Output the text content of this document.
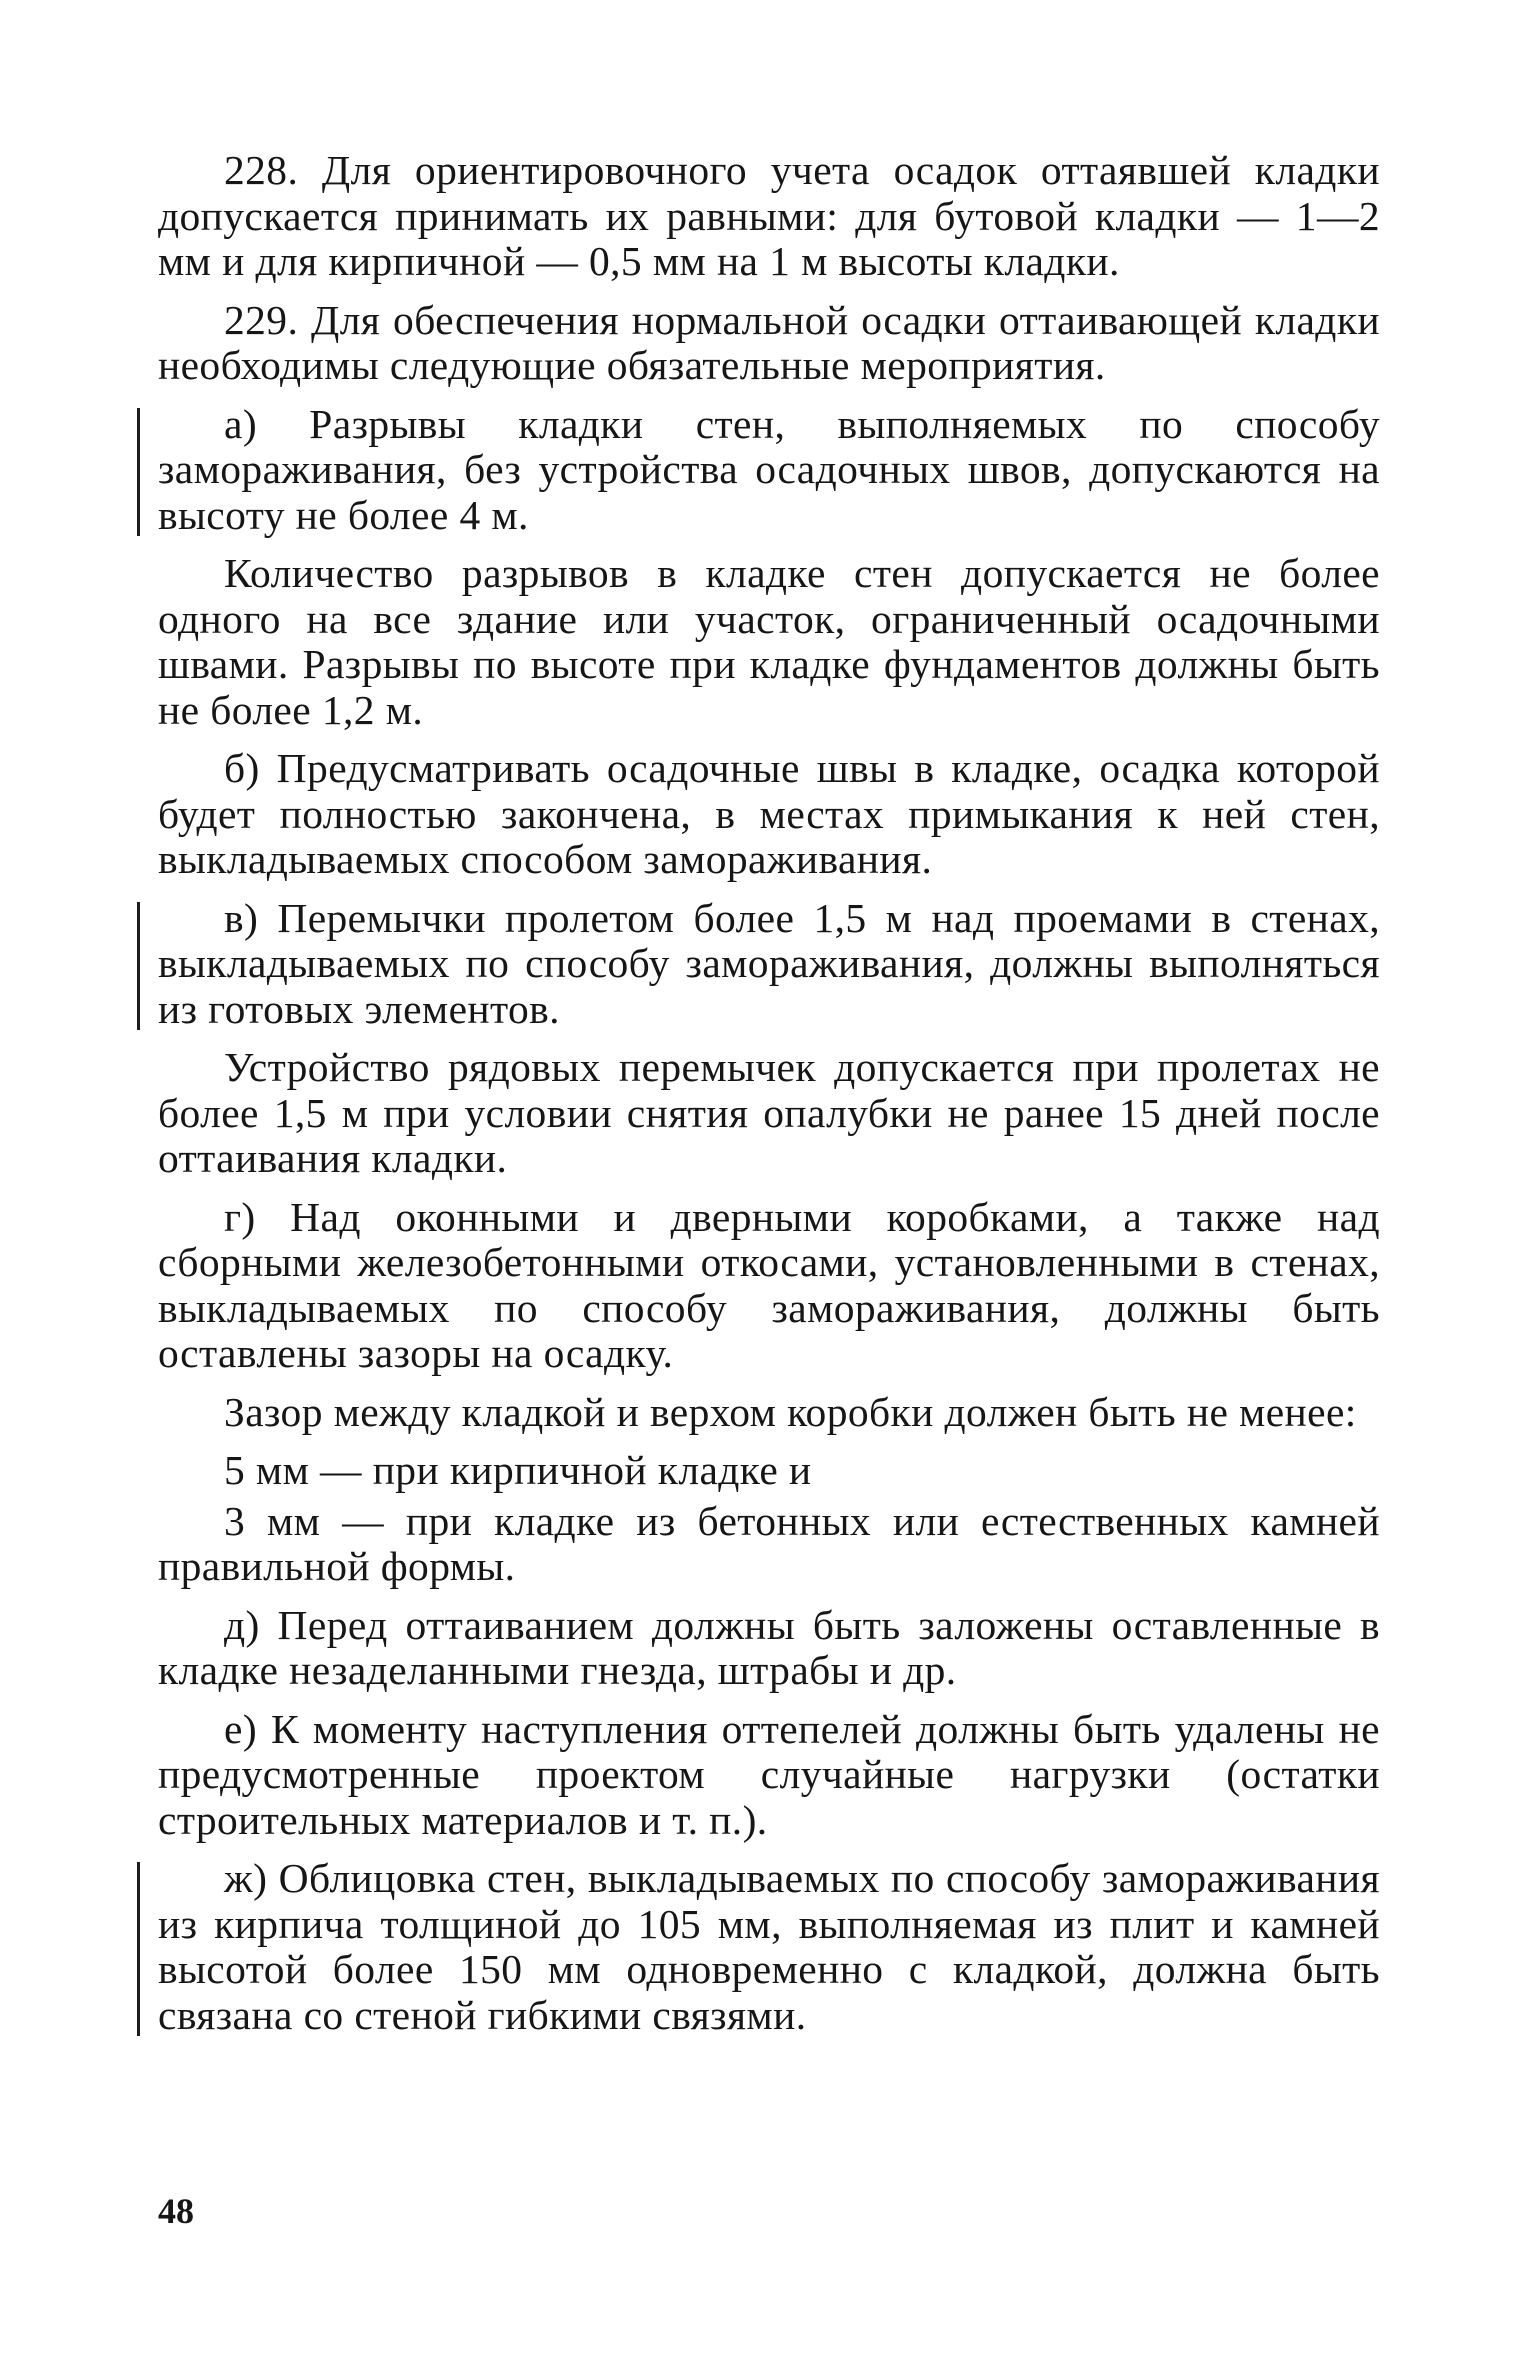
228. Для ориентировочного учета осадок оттаявшей кладки допускается принимать их равными: для бутовой кладки — 1—2 мм и для кирпичной — 0,5 мм на 1 м высоты кладки.

229. Для обеспечения нормальной осадки оттаивающей кладки необходимы следующие обязательные мероприятия.

а) Разрывы кладки стен, выполняемых по способу замораживания, без устройства осадочных швов, допускаются на высоту не более 4 м.

Количество разрывов в кладке стен допускается не более одного на все здание или участок, ограниченный осадочными швами. Разрывы по высоте при кладке фундаментов должны быть не более 1,2 м.

б) Предусматривать осадочные швы в кладке, осадка которой будет полностью закончена, в местах примыкания к ней стен, выкладываемых способом замораживания.

в) Перемычки пролетом более 1,5 м над проемами в стенах, выкладываемых по способу замораживания, должны выполняться из готовых элементов.

Устройство рядовых перемычек допускается при пролетах не более 1,5 м при условии снятия опалубки не ранее 15 дней после оттаивания кладки.

г) Над оконными и дверными коробками, а также над сборными железобетонными откосами, установленными в стенах, выкладываемых по способу замораживания, должны быть оставлены зазоры на осадку.

Зазор между кладкой и верхом коробки должен быть не менее:

5 мм — при кирпичной кладке и

3 мм — при кладке из бетонных или естественных камней правильной формы.

д) Перед оттаиванием должны быть заложены оставленные в кладке незаделанными гнезда, штрабы и др.

е) К моменту наступления оттепелей должны быть удалены не предусмотренные проектом случайные нагрузки (остатки строительных материалов и т. п.).

ж) Облицовка стен, выкладываемых по способу замораживания из кирпича толщиной до 105 мм, выполняемая из плит и камней высотой более 150 мм одновременно с кладкой, должна быть связана со стеной гибкими связями.

48
